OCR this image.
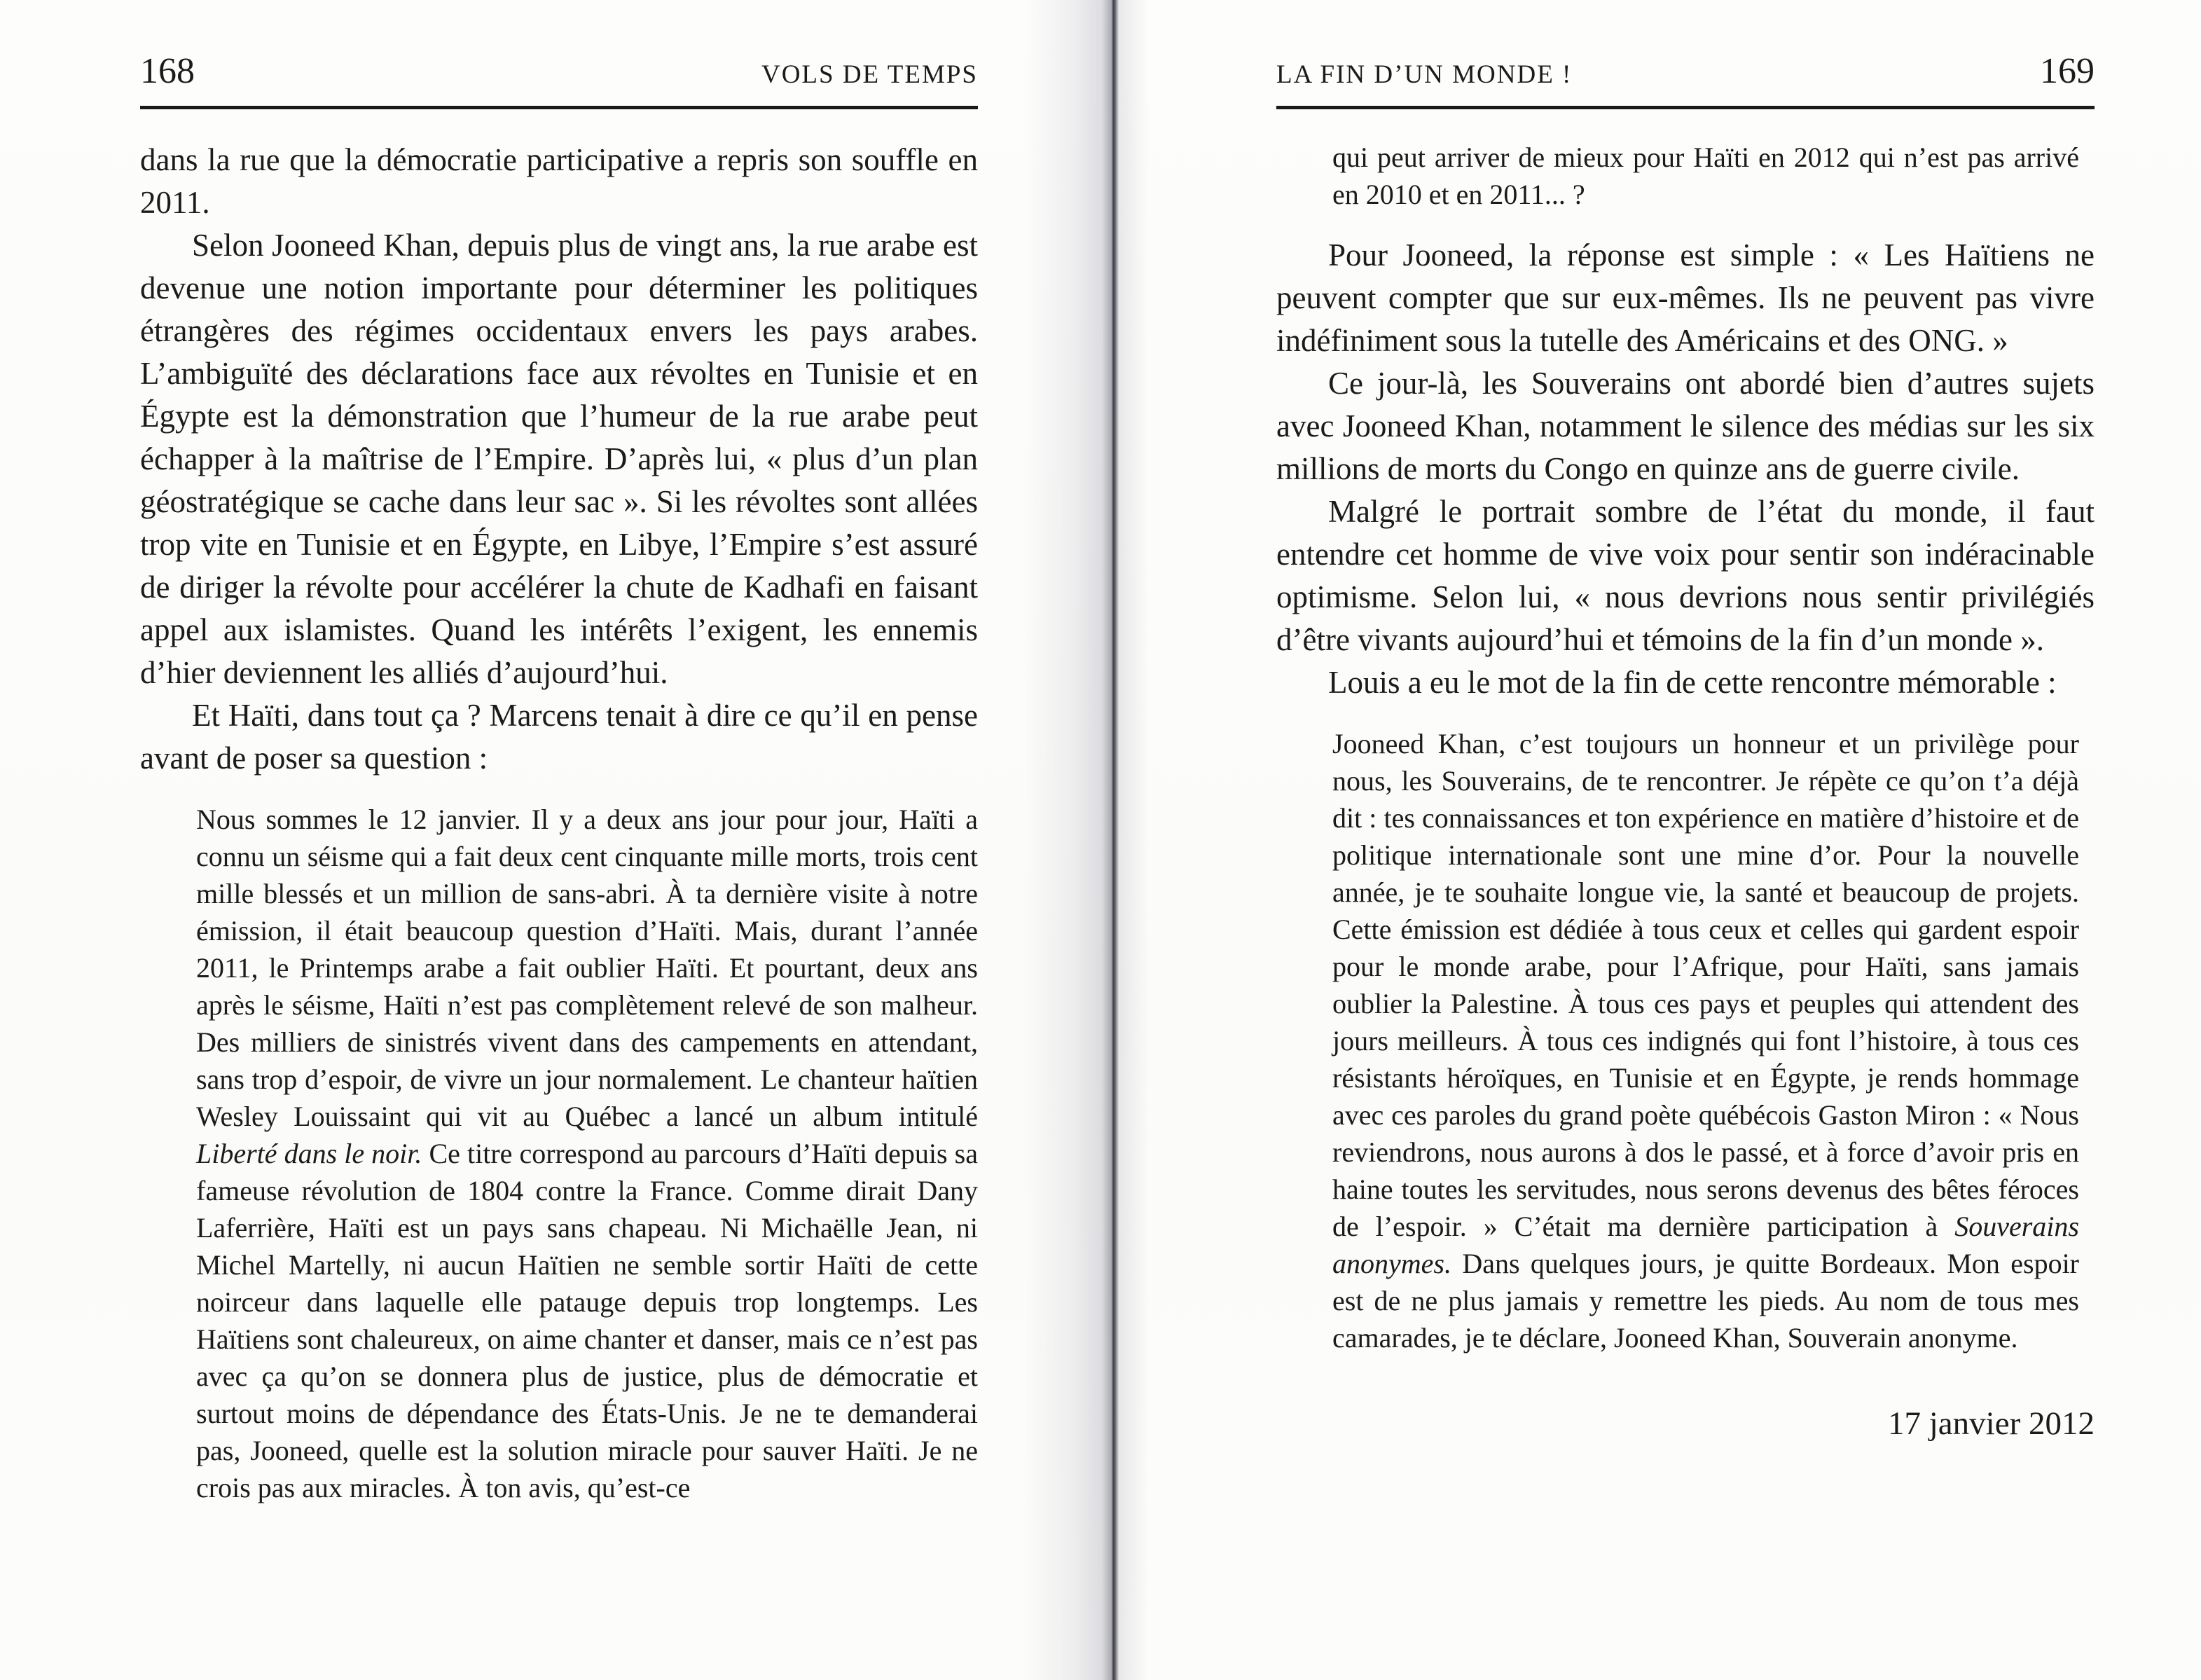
168	VOLS DE TEMPS

dans la rue que la démocratie participative a repris son souffle en 2011.

Selon Jooneed Khan, depuis plus de vingt ans, la rue arabe est devenue une notion importante pour déterminer les politiques étrangères des régimes occidentaux envers les pays arabes. L’ambiguïté des déclarations face aux révoltes en Tunisie et en Égypte est la démonstration que l’humeur de la rue arabe peut échapper à la maîtrise de l’Empire. D’après lui, « plus d’un plan géostratégique se cache dans leur sac ». Si les révoltes sont allées trop vite en Tunisie et en Égypte, en Libye, l’Empire s’est assuré de diriger la révolte pour accélérer la chute de Kadhafi en faisant appel aux islamistes. Quand les intérêts l’exigent, les ennemis d’hier deviennent les alliés d’aujourd’hui.

Et Haïti, dans tout ça ? Marcens tenait à dire ce qu’il en pense avant de poser sa question :

Nous sommes le 12 janvier. Il y a deux ans jour pour jour, Haïti a connu un séisme qui a fait deux cent cinquante mille morts, trois cent mille blessés et un million de sans-abri. À ta dernière visite à notre émission, il était beaucoup question d’Haïti. Mais, durant l’année 2011, le Printemps arabe a fait oublier Haïti. Et pourtant, deux ans après le séisme, Haïti n’est pas complètement relevé de son malheur. Des milliers de sinistrés vivent dans des campements en attendant, sans trop d’espoir, de vivre un jour normalement. Le chanteur haïtien Wesley Louissaint qui vit au Québec a lancé un album intitulé Liberté dans le noir. Ce titre correspond au parcours d’Haïti depuis sa fameuse révolution de 1804 contre la France. Comme dirait Dany Laferrière, Haïti est un pays sans chapeau. Ni Michaëlle Jean, ni Michel Martelly, ni aucun Haïtien ne semble sortir Haïti de cette noirceur dans laquelle elle patauge depuis trop longtemps. Les Haïtiens sont chaleureux, on aime chanter et danser, mais ce n’est pas avec ça qu’on se donnera plus de justice, plus de démocratie et surtout moins de dépendance des États-Unis. Je ne te demanderai pas, Jooneed, quelle est la solution miracle pour sauver Haïti. Je ne crois pas aux miracles. À ton avis, qu’est-ce
LA FIN D’UN MONDE !	169
qui peut arriver de mieux pour Haïti en 2012 qui n’est pas arrivé en 2010 et en 2011... ?

Pour Jooneed, la réponse est simple : « Les Haïtiens ne peuvent compter que sur eux-mêmes. Ils ne peuvent pas vivre indéfiniment sous la tutelle des Américains et des ONG. »

Ce jour-là, les Souverains ont abordé bien d’autres sujets avec Jooneed Khan, notamment le silence des médias sur les six millions de morts du Congo en quinze ans de guerre civile.

Malgré le portrait sombre de l’état du monde, il faut entendre cet homme de vive voix pour sentir son indéracinable optimisme. Selon lui, « nous devrions nous sentir privilégiés d’être vivants aujourd’hui et témoins de la fin d’un monde ».

Louis a eu le mot de la fin de cette rencontre mémorable :

Jooneed Khan, c’est toujours un honneur et un privilège pour nous, les Souverains, de te rencontrer. Je répète ce qu’on t’a déjà dit : tes connaissances et ton expérience en matière d’histoire et de politique internationale sont une mine d’or. Pour la nouvelle année, je te souhaite longue vie, la santé et beaucoup de projets. Cette émission est dédiée à tous ceux et celles qui gardent espoir pour le monde arabe, pour l’Afrique, pour Haïti, sans jamais oublier la Palestine. À tous ces pays et peuples qui attendent des jours meilleurs. À tous ces indignés qui font l’histoire, à tous ces résistants héroïques, en Tunisie et en Égypte, je rends hommage avec ces paroles du grand poète québécois Gaston Miron : « Nous reviendrons, nous aurons à dos le passé, et à force d’avoir pris en haine toutes les servitudes, nous serons devenus des bêtes féroces de l’espoir. » C’était ma dernière participation à Souverains anonymes. Dans quelques jours, je quitte Bordeaux. Mon espoir est de ne plus jamais y remettre les pieds. Au nom de tous mes camarades, je te déclare, Jooneed Khan, Souverain anonyme.
17 janvier 2012
